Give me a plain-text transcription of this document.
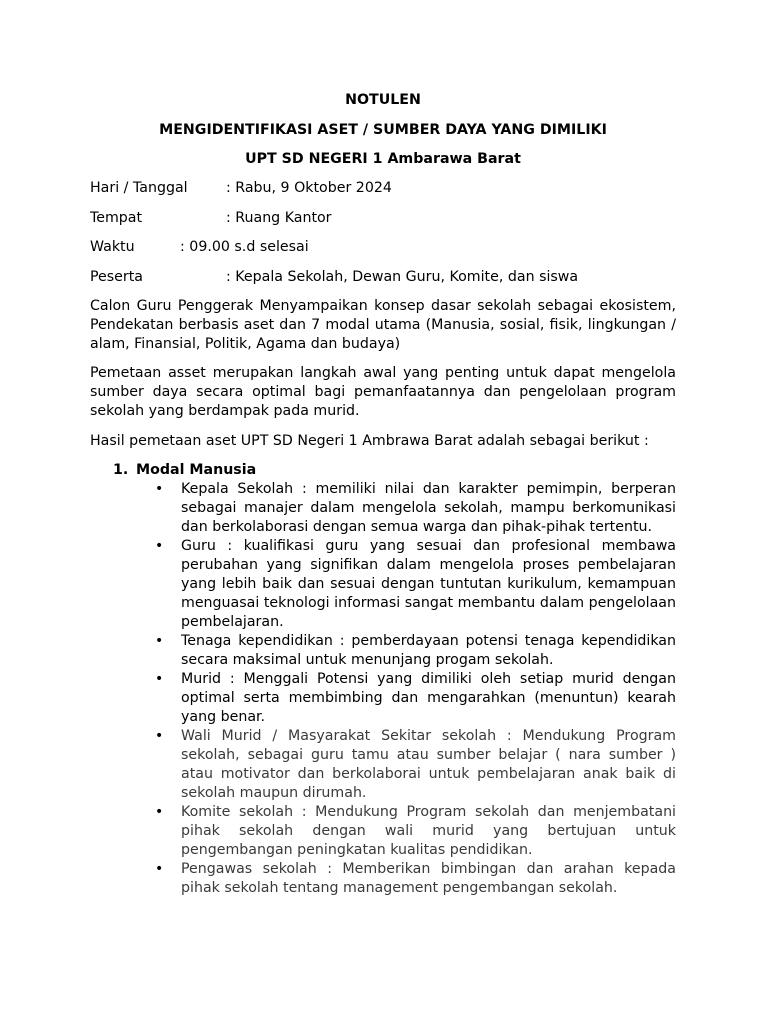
NOTULEN
MENGIDENTIFIKASI ASET / SUMBER DAYA YANG DIMILIKI
UPT SD NEGERI 1 Ambarawa Barat
Hari / Tanggal	: Rabu, 9 Oktober 2024
Tempat	: Ruang Kantor
Waktu	: 09.00 s.d selesai
Peserta	: Kepala Sekolah, Dewan Guru, Komite, dan siswa

Calon Guru Penggerak Menyampaikan konsep dasar sekolah sebagai ekosistem, Pendekatan berbasis aset dan 7 modal utama (Manusia, sosial, fisik, lingkungan / alam, Finansial, Politik, Agama dan budaya)

Pemetaan asset merupakan langkah awal yang penting untuk dapat mengelola sumber daya secara optimal bagi pemanfaatannya dan pengelolaan program sekolah yang berdampak pada murid.

Hasil pemetaan aset UPT SD Negeri 1 Ambrawa Barat adalah sebagai berikut :
1. Modal Manusia
• Kepala Sekolah : memiliki nilai dan karakter pemimpin, berperan sebagai manajer dalam mengelola sekolah, mampu berkomunikasi dan berkolaborasi dengan semua warga dan pihak-pihak tertentu.
• Guru : kualifikasi guru yang sesuai dan profesional membawa perubahan yang signifikan dalam mengelola proses pembelajaran yang lebih baik dan sesuai dengan tuntutan kurikulum, kemampuan menguasai teknologi informasi sangat membantu dalam pengelolaan pembelajaran.
• Tenaga kependidikan : pemberdayaan potensi tenaga kependidikan secara maksimal untuk menunjang progam sekolah.
• Murid : Menggali Potensi yang dimiliki oleh setiap murid dengan optimal serta membimbing dan mengarahkan (menuntun) kearah yang benar.
• Wali Murid / Masyarakat Sekitar sekolah : Mendukung Program sekolah, sebagai guru tamu atau sumber belajar ( nara sumber ) atau motivator dan berkolaborai untuk pembelajaran anak baik di sekolah maupun dirumah.
• Komite sekolah : Mendukung Program sekolah dan menjembatani pihak sekolah dengan wali murid yang bertujuan untuk pengembangan peningkatan kualitas pendidikan.
• Pengawas sekolah : Memberikan bimbingan dan arahan kepada pihak sekolah tentang management pengembangan sekolah.
